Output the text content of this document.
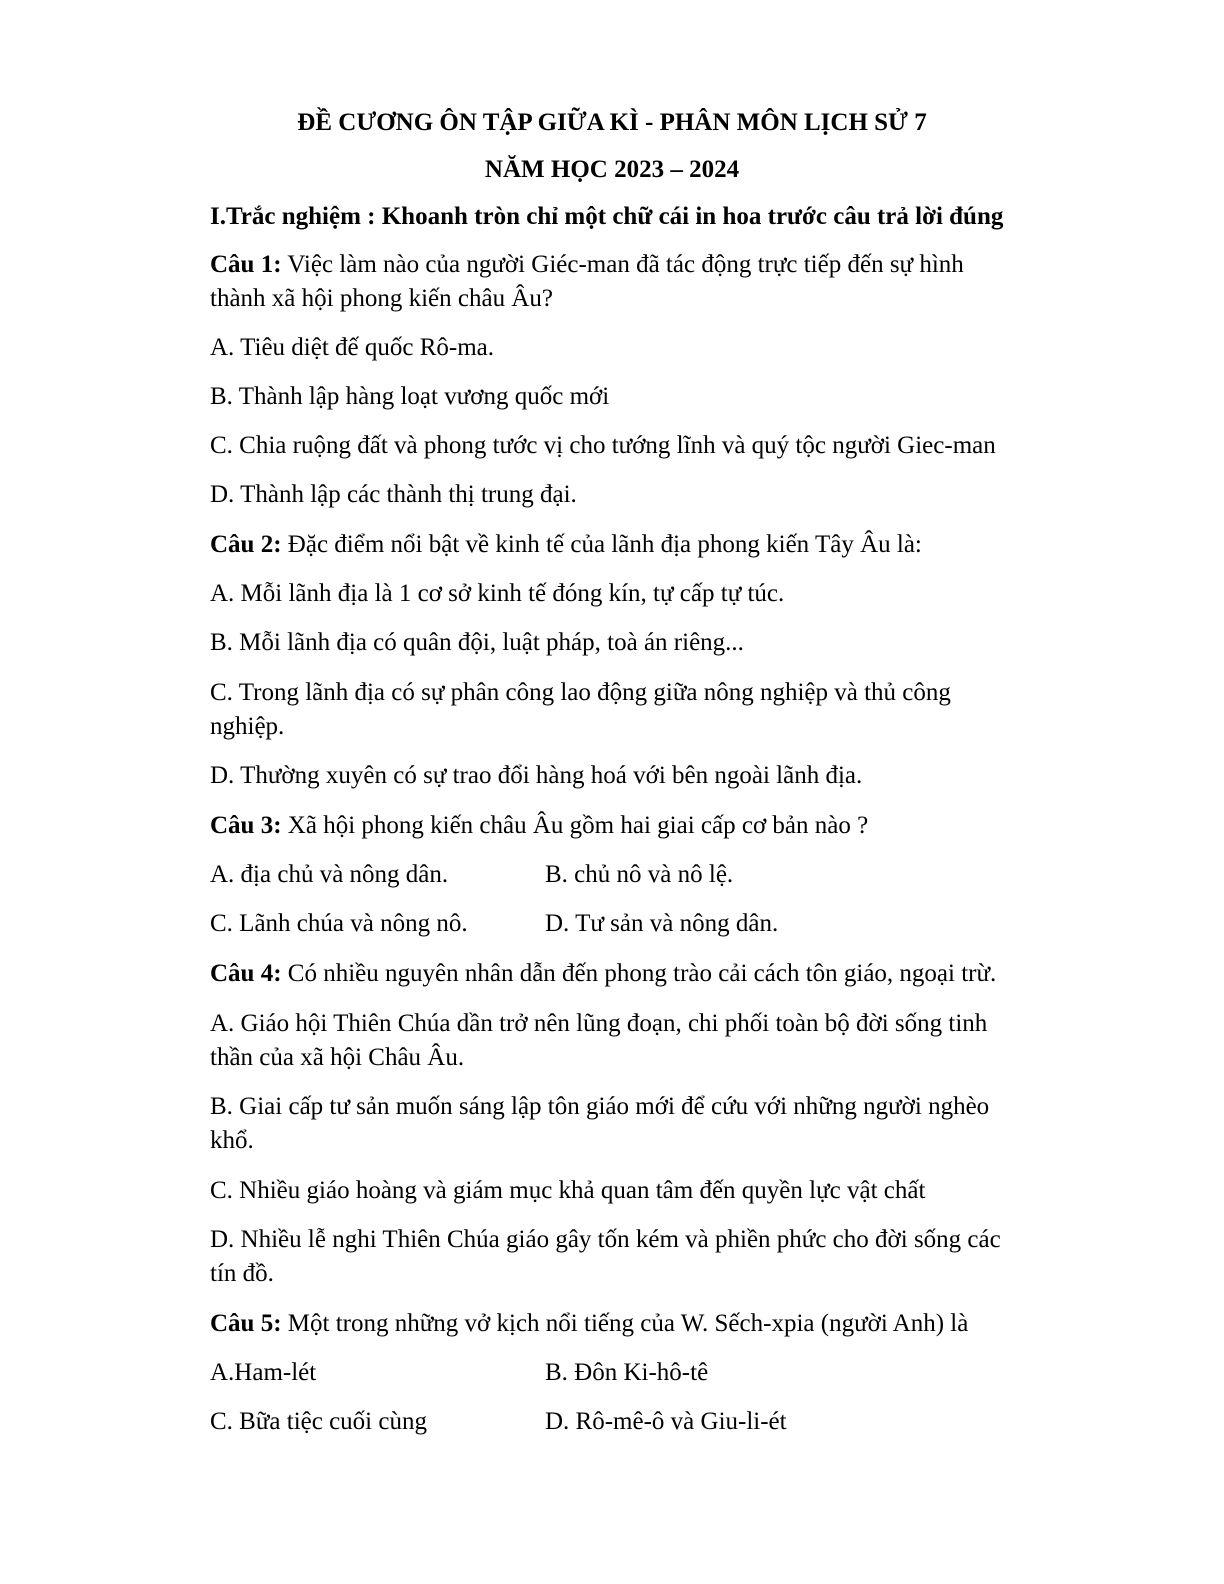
ĐỀ CƯƠNG ÔN TẬP GIỮA KÌ - PHÂN MÔN LỊCH SỬ 7
NĂM HỌC 2023 – 2024
I.Trắc nghiệm : Khoanh tròn chỉ một chữ cái in hoa trước câu trả lời đúng
Câu 1: Việc làm nào của người Giéc-man đã tác động trực tiếp đến sự hình
thành xã hội phong kiến châu Âu?
A. Tiêu diệt đế quốc Rô-ma.
B. Thành lập hàng loạt vương quốc mới
C. Chia ruộng đất và phong tước vị cho tướng lĩnh và quý tộc người Giec-man
D. Thành lập các thành thị trung đại.
Câu 2: Đặc điểm nổi bật về kinh tế của lãnh địa phong kiến Tây Âu là:
A. Mỗi lãnh địa là 1 cơ sở kinh tế đóng kín, tự cấp tự túc.
B. Mỗi lãnh địa có quân đội, luật pháp, toà án riêng...
C. Trong lãnh địa có sự phân công lao động giữa nông nghiệp và thủ công
nghiệp.
D. Thường xuyên có sự trao đổi hàng hoá với bên ngoài lãnh địa.
Câu 3: Xã hội phong kiến châu Âu gồm hai giai cấp cơ bản nào ?
A. địa chủ và nông dân.	B. chủ nô và nô lệ.
C. Lãnh chúa và nông nô.	D. Tư sản và nông dân.
Câu 4: Có nhiều nguyên nhân dẫn đến phong trào cải cách tôn giáo, ngoại trừ.
A. Giáo hội Thiên Chúa dần trở nên lũng đoạn, chi phối toàn bộ đời sống tinh
thần của xã hội Châu Âu.
B. Giai cấp tư sản muốn sáng lập tôn giáo mới để cứu với những người nghèo
khổ.
C. Nhiều giáo hoàng và giám mục khả quan tâm đến quyền lực vật chất
D. Nhiều lễ nghi Thiên Chúa giáo gây tốn kém và phiền phức cho đời sống các
tín đồ.
Câu 5: Một trong những vở kịch nổi tiếng của W. Sếch-xpia (người Anh) là
A.Ham-lét	B. Đôn Ki-hô-tê
C. Bữa tiệc cuối cùng	D. Rô-mê-ô và Giu-li-ét
